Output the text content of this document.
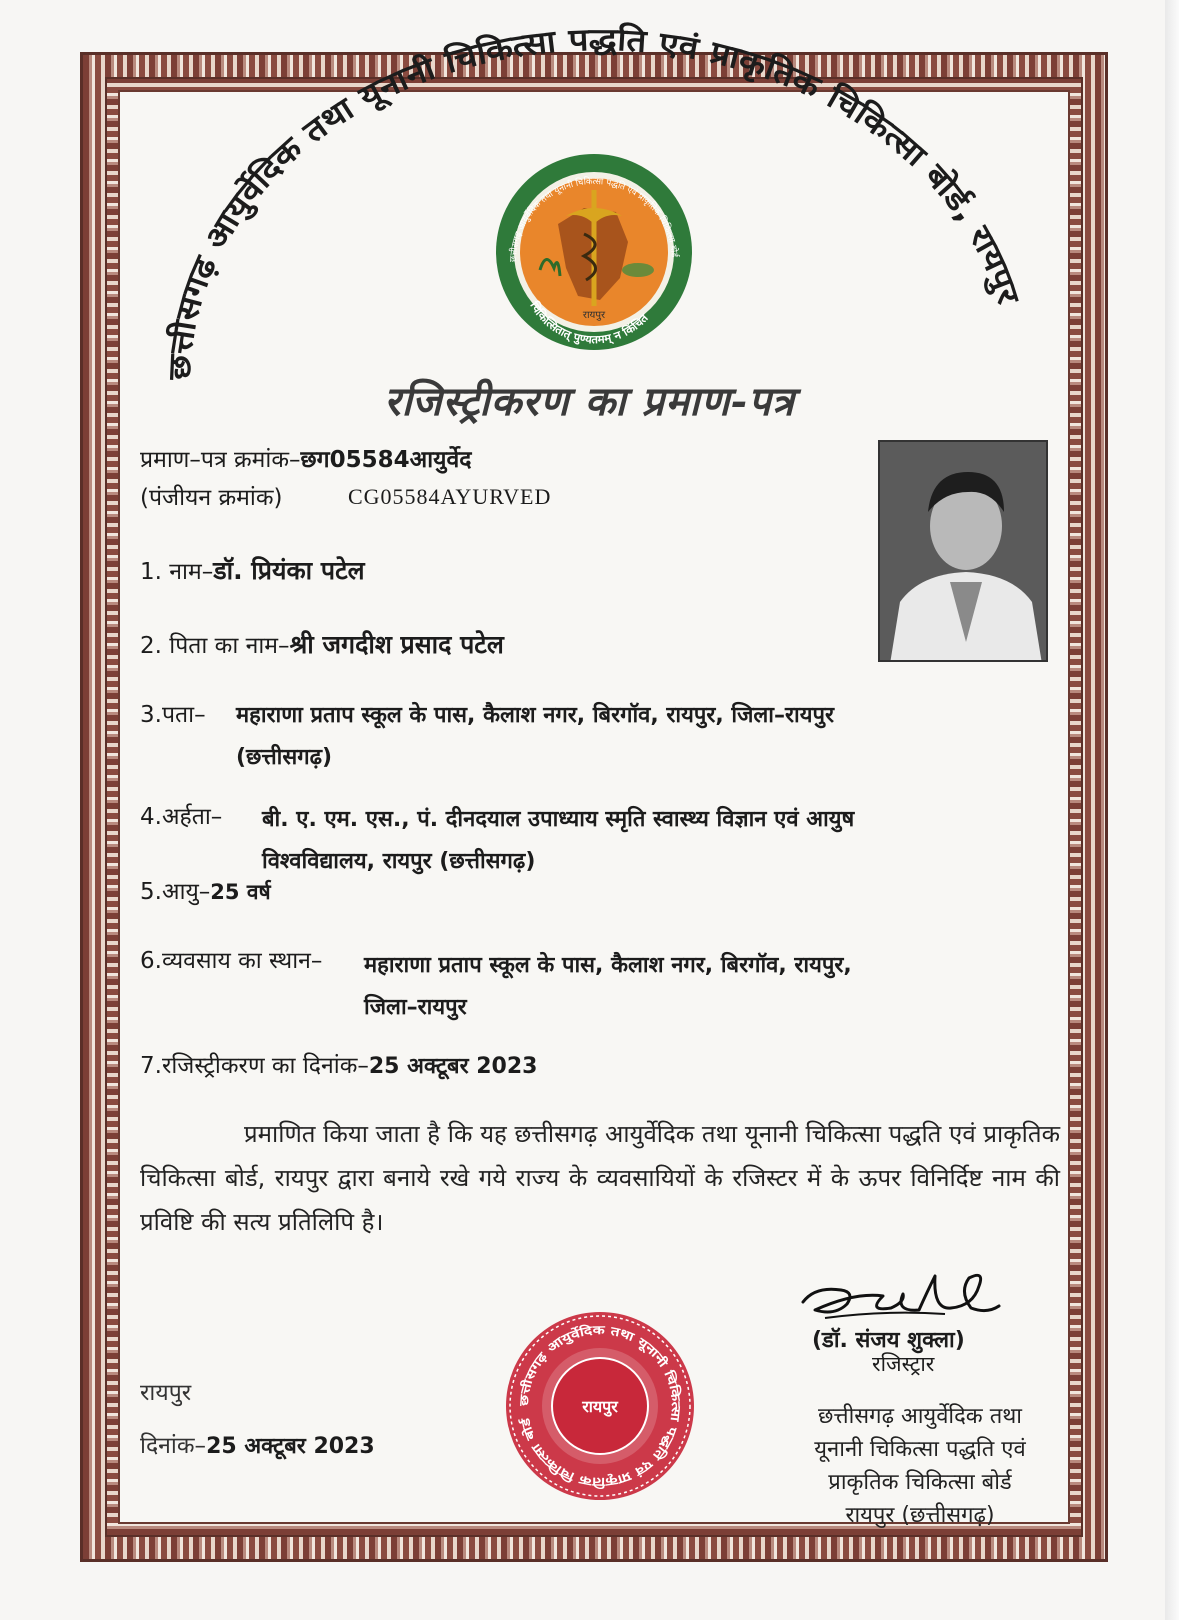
छत्तीसगढ़ आयुर्वेदिक तथा यूनानी चिकित्सा पद्धति एवं प्राकृतिक चिकित्सा बोर्ड, रायपुर
छत्तीसगढ़ आयुर्वेदिक तथा यूनानी चिकित्सा पद्धति एवं प्राकृतिक चिकित्सा बोर्ड
चिकित्सितात् पुण्यतमम् न किंचित
रायपुर
रजिस्ट्रीकरण का प्रमाण-पत्र
प्रमाण–पत्र क्रमांक–छग05584आयुर्वेद
(पंजीयन क्रमांक)	CG05584AYURVED
1. नाम–डॉ. प्रियंका पटेल
2. पिता का नाम–श्री जगदीश प्रसाद पटेल
3.पता– महाराणा प्रताप स्कूल के पास, कैलाश नगर, बिरगॉव, रायपुर, जिला–रायपुर
(छत्तीसगढ़)
4.अर्हता– बी. ए. एम. एस., पं. दीनदयाल उपाध्याय स्मृति स्वास्थ्य विज्ञान एवं आयुष
विश्वविद्यालय, रायपुर (छत्तीसगढ़)
5.आयु–25 वर्ष
6.व्यवसाय का स्थान– महाराणा प्रताप स्कूल के पास, कैलाश नगर, बिरगॉव, रायपुर,
जिला–रायपुर
7.रजिस्ट्रीकरण का दिनांक–25 अक्टूबर 2023
प्रमाणित किया जाता है कि यह छत्तीसगढ़ आयुर्वेदिक तथा यूनानी चिकित्सा पद्धति एवं प्राकृतिक चिकित्सा बोर्ड, रायपुर द्वारा बनाये रखे गये राज्य के व्यवसायियों के रजिस्टर में के ऊपर विनिर्दिष्ट नाम की प्रविष्टि की सत्य प्रतिलिपि है।
रायपुर
दिनांक–25 अक्टूबर 2023
छत्तीसगढ़ आयुर्वेदिक तथा यूनानी चिकित्सा पद्धति एवं प्राकृतिक चिकित्सा बोर्ड
रायपुर
(डॉ. संजय शुक्ला)
रजिस्ट्रार
छत्तीसगढ़ आयुर्वेदिक तथा
यूनानी चिकित्सा पद्धति एवं
प्राकृतिक चिकित्सा बोर्ड
रायपुर (छत्तीसगढ़)
